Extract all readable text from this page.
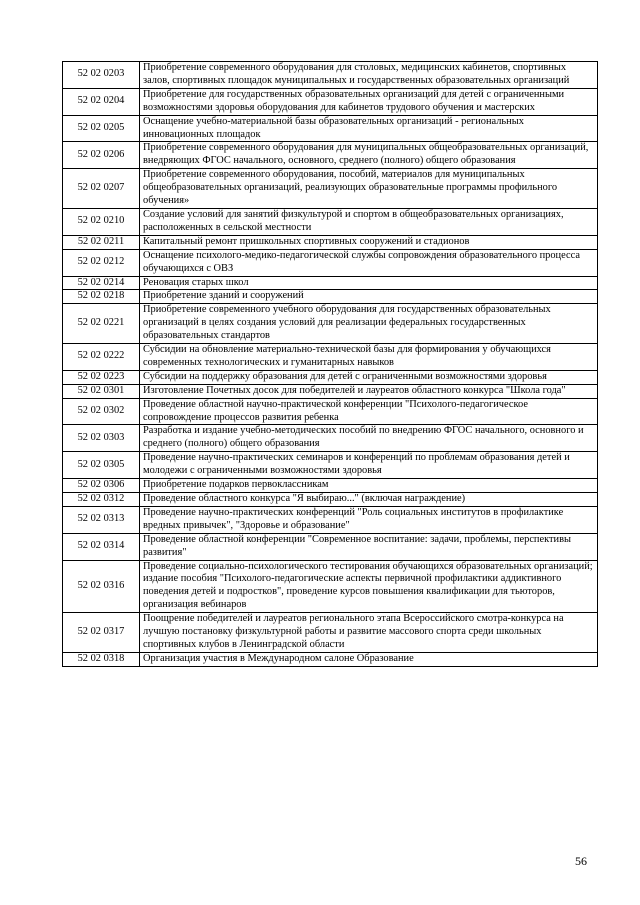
52 02 0203	Приобретение современного оборудования для столовых, медицинских кабинетов, спортивных залов, спортивных площадок муниципальных и государственных образовательных организаций
52 02 0204	Приобретение для государственных образовательных организаций для детей с ограниченными возможностями здоровья оборудования для кабинетов трудового обучения и мастерских
52 02 0205	Оснащение учебно-материальной базы образовательных организаций - региональных инновационных площадок
52 02 0206	Приобретение современного оборудования для муниципальных общеобразовательных организаций, внедряющих ФГОС начального, основного, среднего (полного) общего образования
52 02 0207	Приобретение современного оборудования, пособий, материалов для муниципальных общеобразовательных организаций, реализующих образовательные программы профильного обучения»
52 02 0210	Создание условий для занятий физкультурой и спортом в общеобразовательных организациях, расположенных в сельской местности
52 02 0211	Капитальный ремонт пришкольных спортивных сооружений и стадионов
52 02 0212	Оснащение психолого-медико-педагогической службы сопровождения образовательного процесса обучающихся с ОВЗ
52 02 0214	Реновация старых школ
52 02 0218	Приобретение зданий и сооружений
52 02 0221	Приобретение современного учебного оборудования для государственных образовательных организаций в целях создания условий для реализации федеральных государственных образовательных стандартов
52 02 0222	Субсидии на обновление материально-технической базы для формирования у обучающихся современных технологических и гуманитарных навыков
52 02 0223	Субсидии на поддержку образования для детей с ограниченными возможностями здоровья
52 02 0301	Изготовление Почетных досок для победителей и лауреатов областного конкурса "Школа года"
52 02 0302	Проведение областной научно-практической конференции "Психолого-педагогическое сопровождение процессов развития ребенка
52 02 0303	Разработка и издание учебно-методических пособий по внедрению ФГОС начального, основного и среднего (полного) общего образования
52 02 0305	Проведение научно-практических семинаров и конференций по проблемам образования детей и молодежи с ограниченными возможностями здоровья
52 02 0306	Приобретение подарков первоклассникам
52 02 0312	Проведение областного конкурса "Я выбираю..." (включая награждение)
52 02 0313	Проведение научно-практических конференций "Роль социальных институтов в профилактике вредных привычек", "Здоровье и образование"
52 02 0314	Проведение областной конференции "Современное воспитание: задачи, проблемы, перспективы развития"
52 02 0316	Проведение социально-психологического тестирования обучающихся образовательных организаций; издание пособия "Психолого-педагогические аспекты первичной профилактики аддиктивного поведения детей и подростков", проведение курсов повышения квалификации для тьюторов, организация вебинаров
52 02 0317	Поощрение победителей и лауреатов регионального этапа Всероссийского смотра-конкурса на лучшую постановку физкультурной работы и развитие массового спорта среди школьных спортивных клубов в Ленинградской области
52 02 0318	Организация участия в Международном салоне Образование
56
